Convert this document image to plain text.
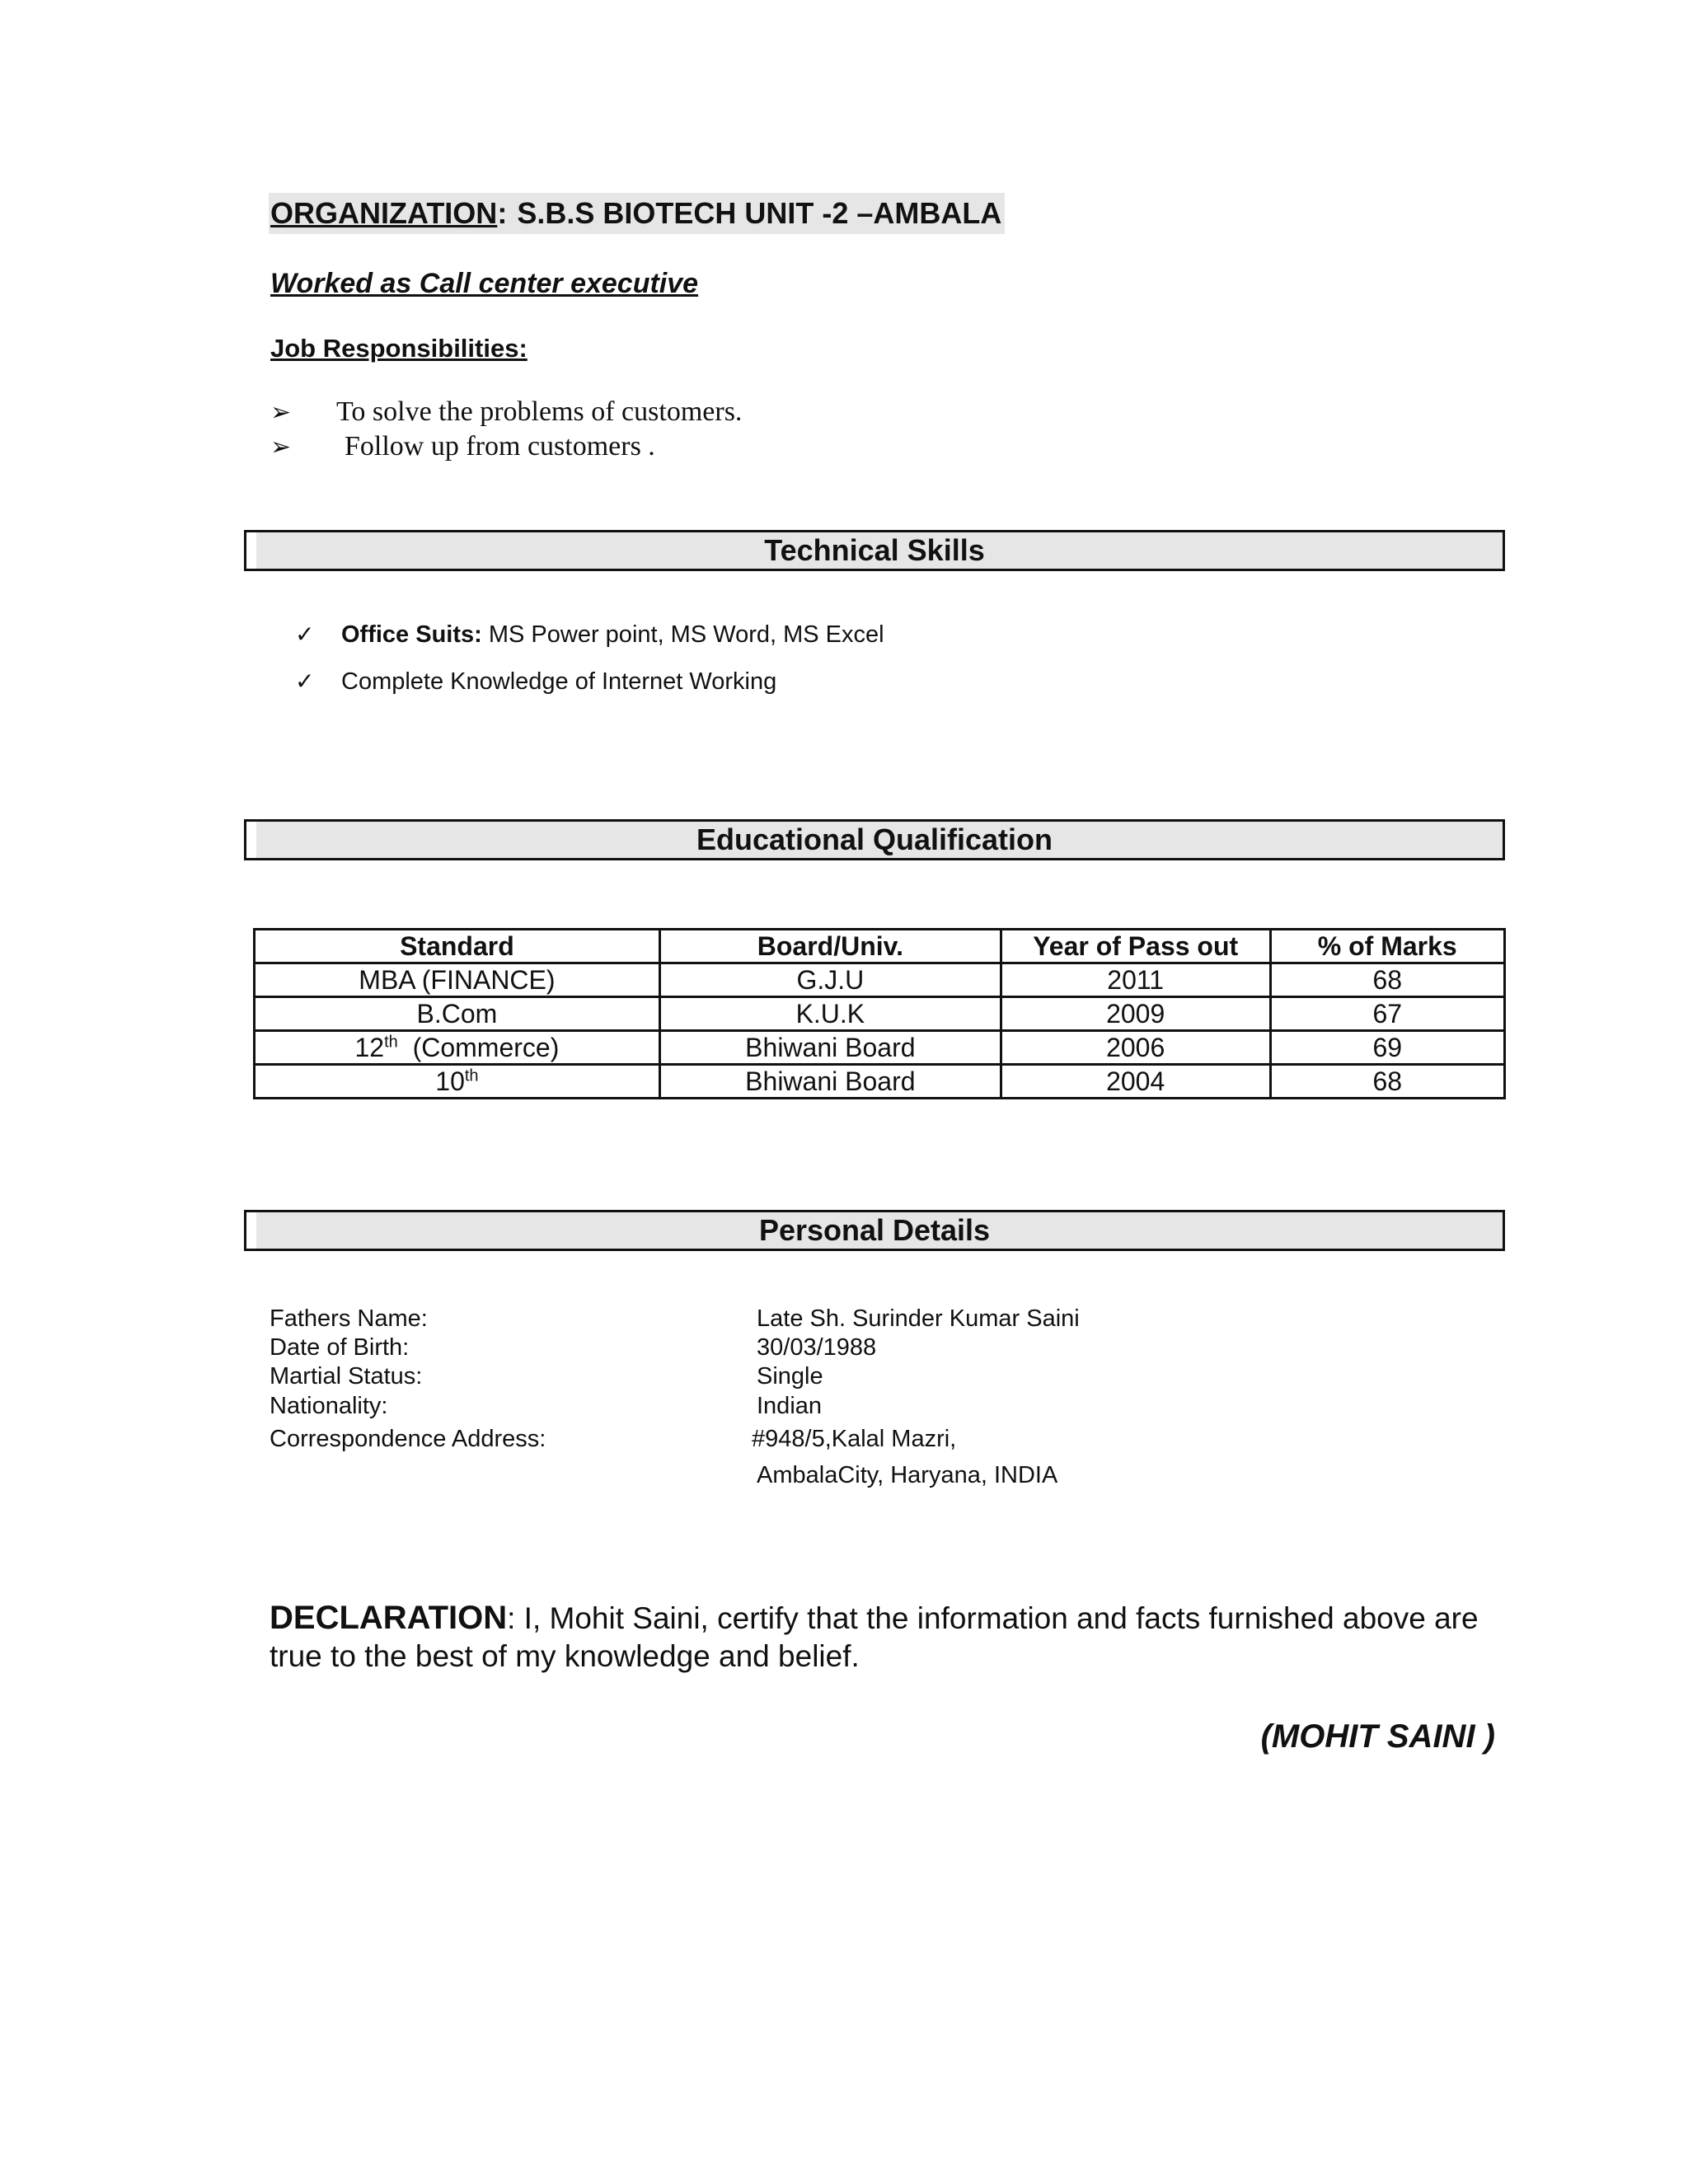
ORGANIZATION: S.B.S BIOTECH UNIT -2 –AMBALA
Worked as Call center executive
Job Responsibilities:
➢ To solve the problems of customers.
➢ Follow up from customers .
Technical Skills
✓ Office Suits: MS Power point, MS Word, MS Excel
✓ Complete Knowledge of Internet Working
Educational Qualification
Standard	Board/Univ.	Year of Pass out	% of Marks
MBA (FINANCE)	G.J.U	2011	68
B.Com	K.U.K	2009	67
12th  (Commerce)	Bhiwani Board	2006	69
10th	Bhiwani Board	2004	68
Personal Details
Fathers Name:	Late Sh. Surinder Kumar Saini
Date of Birth:	30/03/1988
Martial Status:	Single
Nationality:	Indian
Correspondence Address:	#948/5,Kalal Mazri,
AmbalaCity, Haryana, INDIA
DECLARATION: I, Mohit Saini, certify that the information and facts furnished above are true to the best of my knowledge and belief.
(MOHIT SAINI )
